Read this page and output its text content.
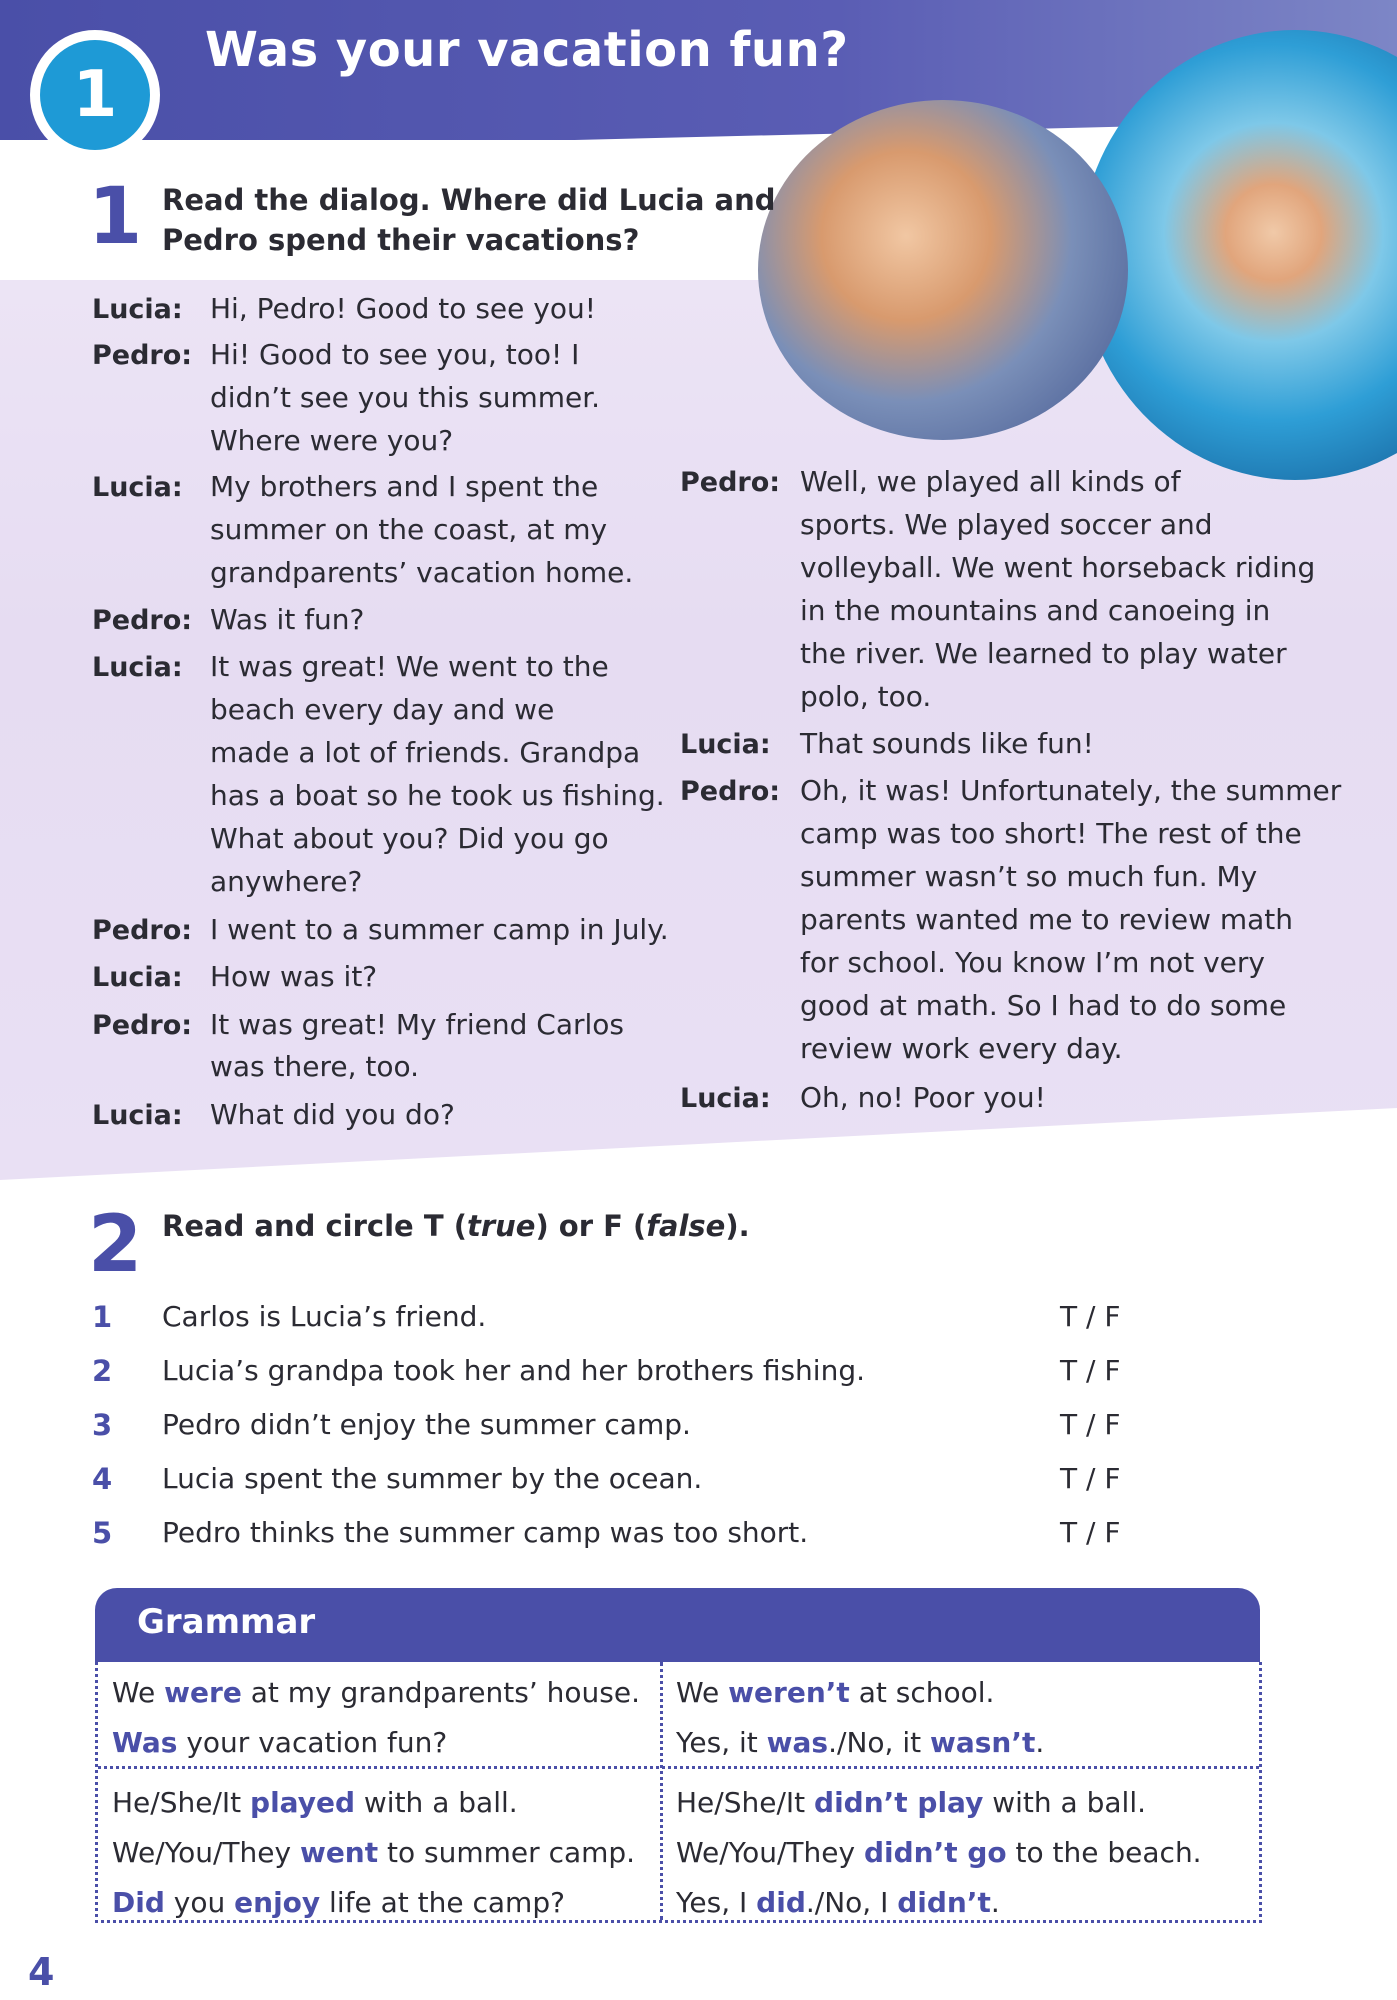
1
Was your vacation fun?
1 Read the dialog. Where did Lucia and
Pedro spend their vacations?
2 Read and circle T (true) or F (false).
Grammar
We were at my grandparents’ house.
Was your vacation fun?
We weren’t at school.
Yes, it was./No, it wasn’t.
He/She/It played with a ball.
We/You/They went to summer camp.
Did you enjoy life at the camp?
He/She/It didn’t play with a ball.
We/You/They didn’t go to the beach.
Yes, I did./No, I didn’t.
4
Lucia: Hi, Pedro! Good to see you!
Pedro: Hi! Good to see you, too! I
didn’t see you this summer.
Where were you?
Lucia: My brothers and I spent the
summer on the coast, at my
grandparents’ vacation home.
Pedro: Was it fun?
Lucia: It was great! We went to the
beach every day and we
made a lot of friends. Grandpa
has a boat so he took us fishing.
What about you? Did you go
anywhere?
Pedro: I went to a summer camp in July.
Lucia: How was it?
Pedro: It was great! My friend Carlos
was there, too.
Lucia: What did you do?
Pedro: Well, we played all kinds of
sports. We played soccer and
volleyball. We went horseback riding
in the mountains and canoeing in
the river. We learned to play water
polo, too.
Lucia: That sounds like fun!
Pedro: Oh, it was! Unfortunately, the summer
camp was too short! The rest of the
summer wasn’t so much fun. My
parents wanted me to review math
for school. You know I’m not very
good at math. So I had to do some
review work every day.
Lucia: Oh, no! Poor you!
1 Carlos is Lucia’s friend.	T / F
2 Lucia’s grandpa took her and her brothers fishing.	T / F
3 Pedro didn’t enjoy the summer camp.	T / F
4 Lucia spent the summer by the ocean.	T / F
5 Pedro thinks the summer camp was too short.	T / F
